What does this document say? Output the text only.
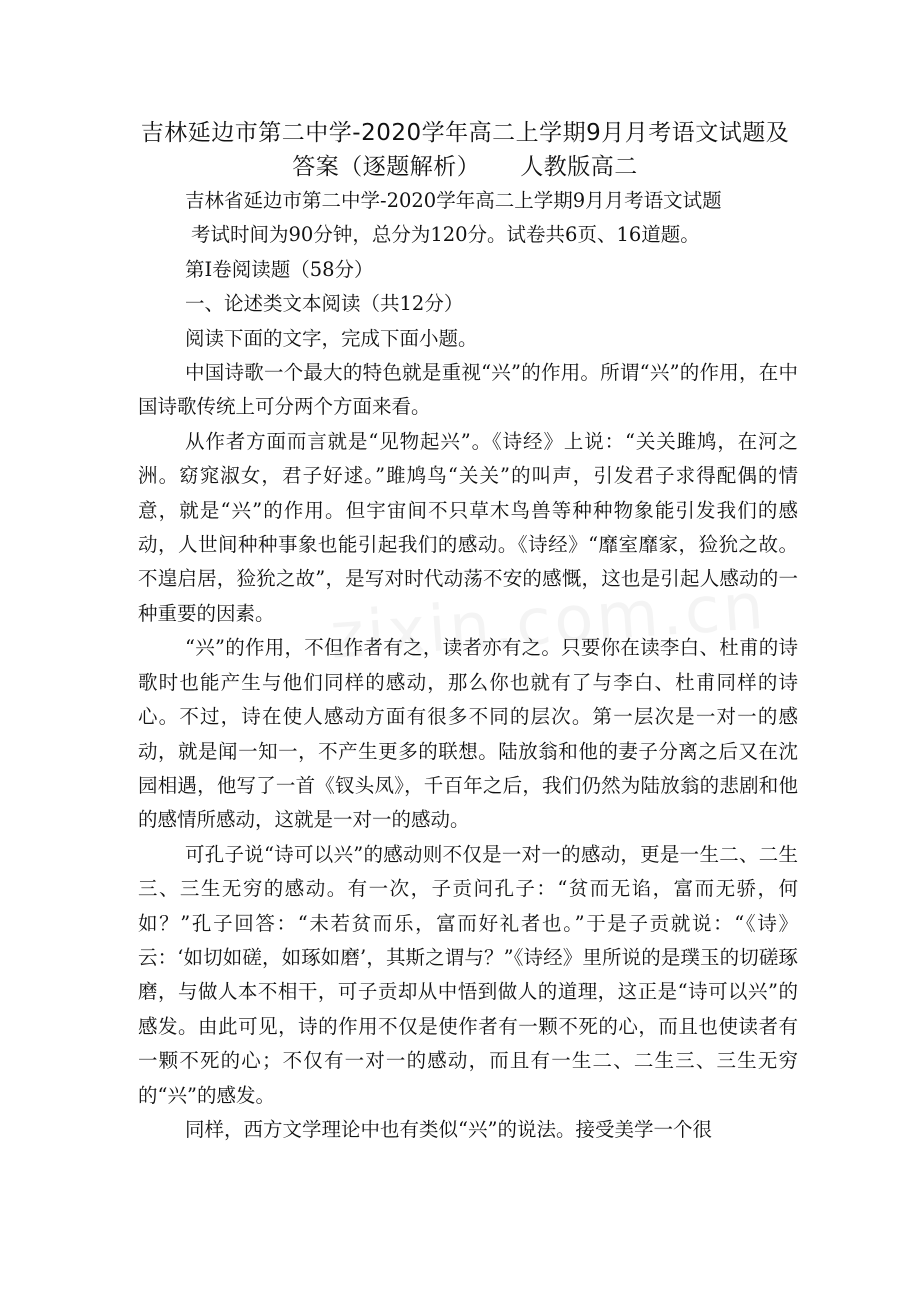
吉林延边市第二中学-2020学年高二上学期9月月考语文试题及
答案（逐题解析） 人教版高二

吉林省延边市第二中学-2020学年高二上学期9月月考语文试题

考试时间为90分钟，总分为120分。试卷共6页、16道题。

第Ⅰ卷阅读题（58分）

一、论述类文本阅读（共12分）

阅读下面的文字，完成下面小题。

中国诗歌一个最大的特色就是重视“兴”的作用。所谓“兴”的作用，在中国诗歌传统上可分两个方面来看。

从作者方面而言就是“见物起兴”。《诗经》上说：“关关雎鸠，在河之洲。窈窕淑女，君子好逑。”雎鸠鸟“关关”的叫声，引发君子求得配偶的情意，就是“兴”的作用。但宇宙间不只草木鸟兽等种种物象能引发我们的感动，人世间种种事象也能引起我们的感动。《诗经》“靡室靡家，猃狁之故。不遑启居，猃狁之故”，是写对时代动荡不安的感慨，这也是引起人感动的一种重要的因素。

“兴”的作用，不但作者有之，读者亦有之。只要你在读李白、杜甫的诗歌时也能产生与他们同样的感动，那么你也就有了与李白、杜甫同样的诗心。不过，诗在使人感动方面有很多不同的层次。第一层次是一对一的感动，就是闻一知一，不产生更多的联想。陆放翁和他的妻子分离之后又在沈园相遇，他写了一首《钗头凤》，千百年之后，我们仍然为陆放翁的悲剧和他的感情所感动，这就是一对一的感动。

可孔子说“诗可以兴”的感动则不仅是一对一的感动，更是一生二、二生三、三生无穷的感动。有一次，子贡问孔子：“贫而无谄，富而无骄，何如？”孔子回答：“未若贫而乐，富而好礼者也。”于是子贡就说：“《诗》云：‘如切如磋，如琢如磨’，其斯之谓与？”《诗经》里所说的是璞玉的切磋琢磨，与做人本不相干，可子贡却从中悟到做人的道理，这正是“诗可以兴”的感发。由此可见，诗的作用不仅是使作者有一颗不死的心，而且也使读者有一颗不死的心；不仅有一对一的感动，而且有一生二、二生三、三生无穷的“兴”的感发。

同样，西方文学理论中也有类似“兴”的说法。接受美学一个很
